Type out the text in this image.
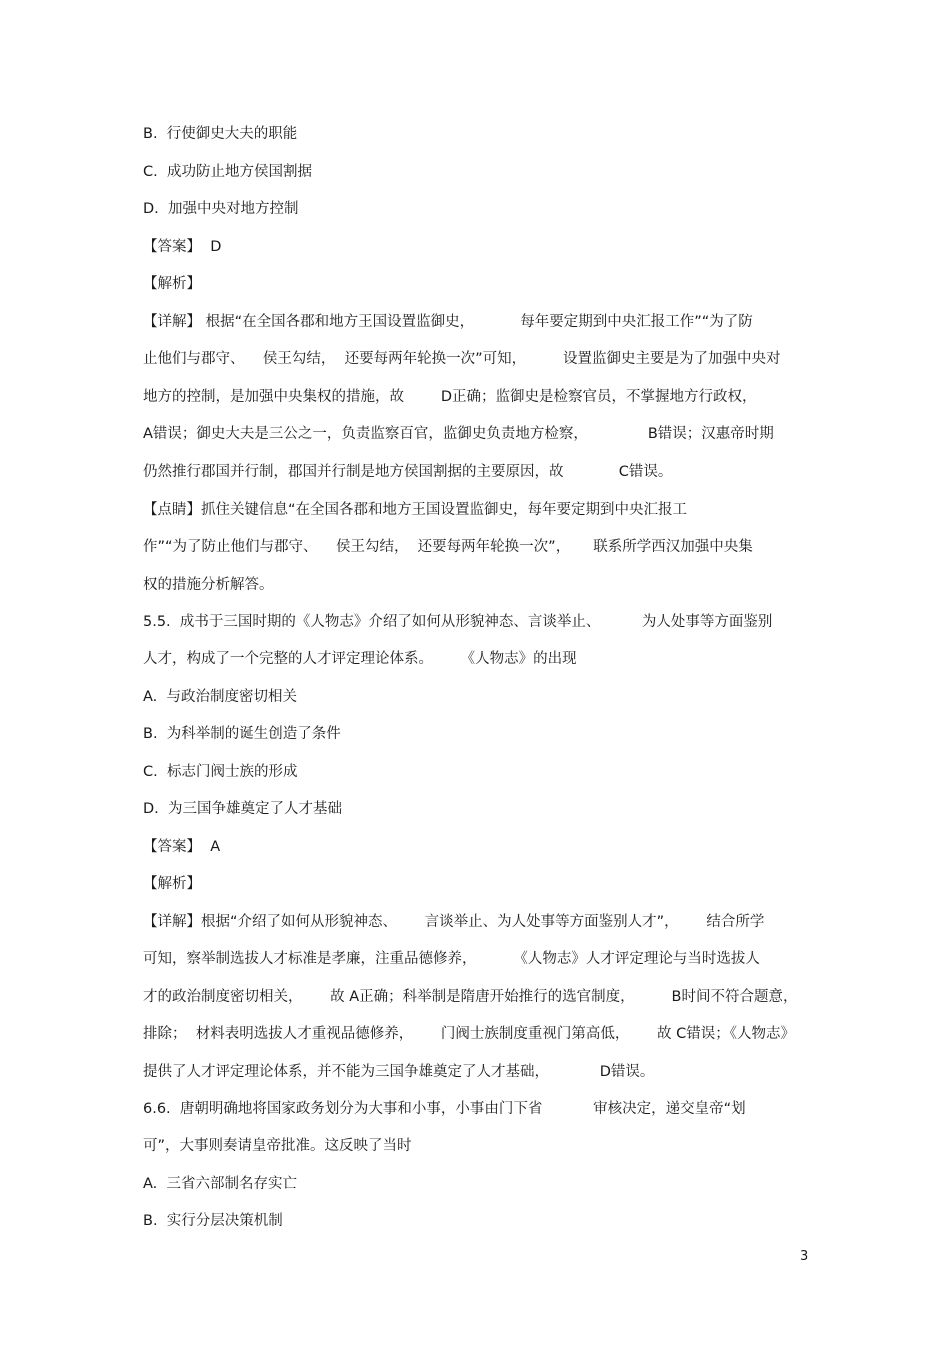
B.  行使御史大夫的职能
C.  成功防止地方侯国割据
D.  加强中央对地方控制
【答案】  D
【解析】
【详解】 根据“在全国各郡和地方王国设置监御史，          每年要定期到中央汇报工作”“为了防
止他们与郡守、    侯王勾结，  还要每两年轮换一次”可知，        设置监御史主要是为了加强中央对
地方的控制，是加强中央集权的措施，故        D正确；监御史是检察官员，不掌握地方行政权，
A错误；御史大夫是三公之一，负责监察百官，监御史负责地方检察，             B错误；汉惠帝时期
仍然推行郡国并行制，郡国并行制是地方侯国割据的主要原因，故            C错误。
【点睛】抓住关键信息“在全国各郡和地方王国设置监御史，每年要定期到中央汇报工
作”“为了防止他们与郡守、    侯王勾结，  还要每两年轮换一次”，     联系所学西汉加强中央集
权的措施分析解答。
5.5.  成书于三国时期的《人物志》介绍了如何从形貌神态、言谈举止、         为人处事等方面鉴别
人才，构成了一个完整的人才评定理论体系。      《人物志》的出现
A.  与政治制度密切相关
B.  为科举制的诞生创造了条件
C.  标志门阀士族的形成
D.  为三国争雄奠定了人才基础
【答案】  A
【解析】
【详解】根据“介绍了如何从形貌神态、      言谈举止、为人处事等方面鉴别人才”，      结合所学
可知，察举制选拔人才标准是孝廉，注重品德修养，        《人物志》人才评定理论与当时选拔人
才的政治制度密切相关，      故 A正确；科举制是隋唐开始推行的选官制度，        B时间不符合题意，
排除；  材料表明选拔人才重视品德修养，      门阀士族制度重视门第高低，      故 C错误；《人物志》
提供了人才评定理论体系，并不能为三国争雄奠定了人才基础，           D错误。
6.6.  唐朝明确地将国家政务划分为大事和小事，小事由门下省           审核决定，递交皇帝“划
可”，大事则奏请皇帝批准。这反映了当时
A.  三省六部制名存实亡
B.  实行分层决策机制
3
